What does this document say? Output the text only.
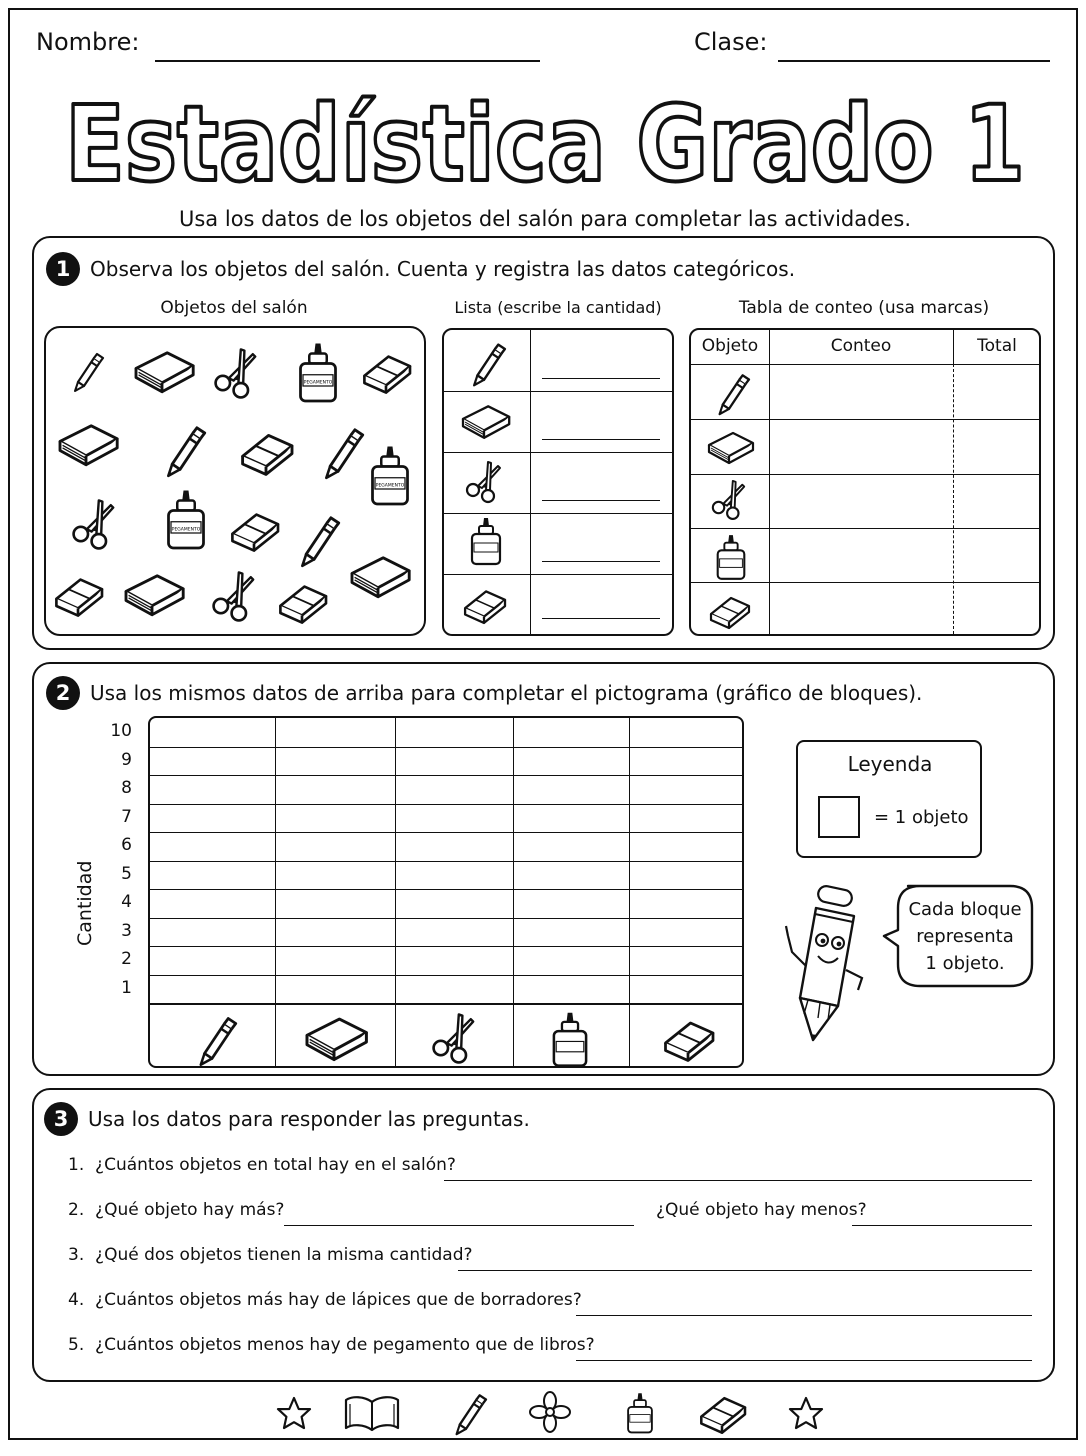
Nombre:	Clase:
Estadística Grado 1
Usa los datos de los objetos del salón para completar las actividades.
1 Observa los objetos del salón. Cuenta y registra las datos categóricos.
Objetos del salón	Lista (escribe la cantidad)	Tabla de conteo (usa marcas)
PEGAMENTO
PEGAMENTO
PEGAMENTO
Objeto	Conteo	Total
2 Usa los mismos datos de arriba para completar el pictograma (gráfico de bloques).
Cantidad
10
9
8
7
6
5
4
3
2
1
Leyenda
= 1 objeto
Cada bloque
representa
1 objeto.
3 Usa los datos para responder las preguntas.
1. ¿Cuántos objetos en total hay en el salón?
2. ¿Qué objeto hay más?	¿Qué objeto hay menos?
3. ¿Qué dos objetos tienen la misma cantidad?
4. ¿Cuántos objetos más hay de lápices que de borradores?
5. ¿Cuántos objetos menos hay de pegamento que de libros?
